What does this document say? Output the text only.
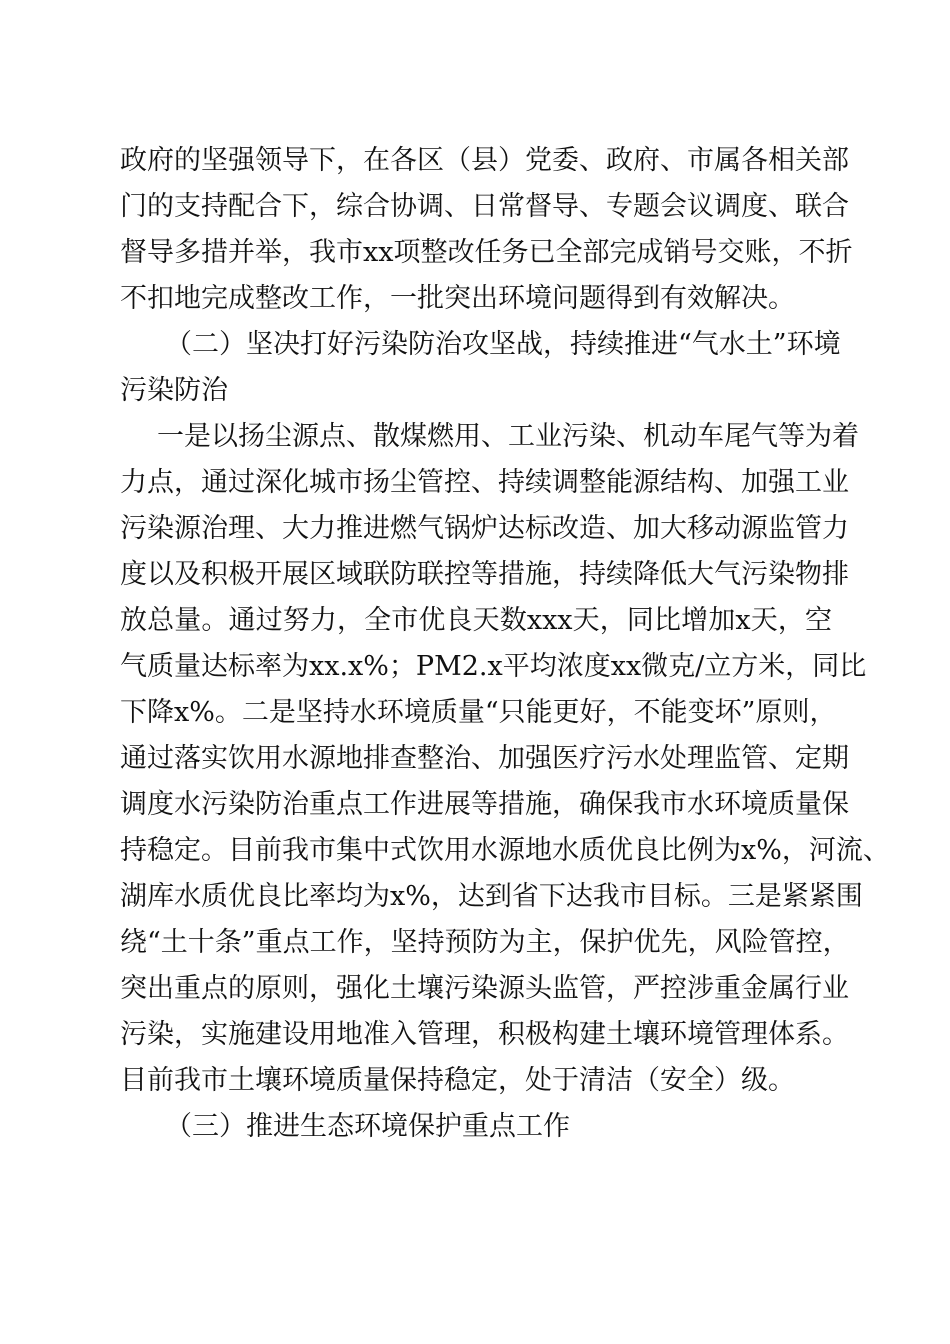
政府的坚强领导下，在各区（县）党委、政府、市属各相关部
门的支持配合下，综合协调、日常督导、专题会议调度、联合
督导多措并举，我市xx项整改任务已全部完成销号交账，不折
不扣地完成整改工作，一批突出环境问题得到有效解决。
（二）坚决打好污染防治攻坚战，持续推进“气水土”环境
污染防治
一是以扬尘源点、散煤燃用、工业污染、机动车尾气等为着
力点，通过深化城市扬尘管控、持续调整能源结构、加强工业
污染源治理、大力推进燃气锅炉达标改造、加大移动源监管力
度以及积极开展区域联防联控等措施，持续降低大气污染物排
放总量。通过努力，全市优良天数xxx天，同比增加x天，空
气质量达标率为xx.x%；PM2.x平均浓度xx微克/立方米，同比
下降x%。二是坚持水环境质量“只能更好，不能变坏”原则，
通过落实饮用水源地排查整治、加强医疗污水处理监管、定期
调度水污染防治重点工作进展等措施，确保我市水环境质量保
持稳定。目前我市集中式饮用水源地水质优良比例为x%，河流、
湖库水质优良比率均为x%，达到省下达我市目标。三是紧紧围
绕“土十条”重点工作，坚持预防为主，保护优先，风险管控，
突出重点的原则，强化土壤污染源头监管，严控涉重金属行业
污染，实施建设用地准入管理，积极构建土壤环境管理体系。
目前我市土壤环境质量保持稳定，处于清洁（安全）级。
（三）推进生态环境保护重点工作
